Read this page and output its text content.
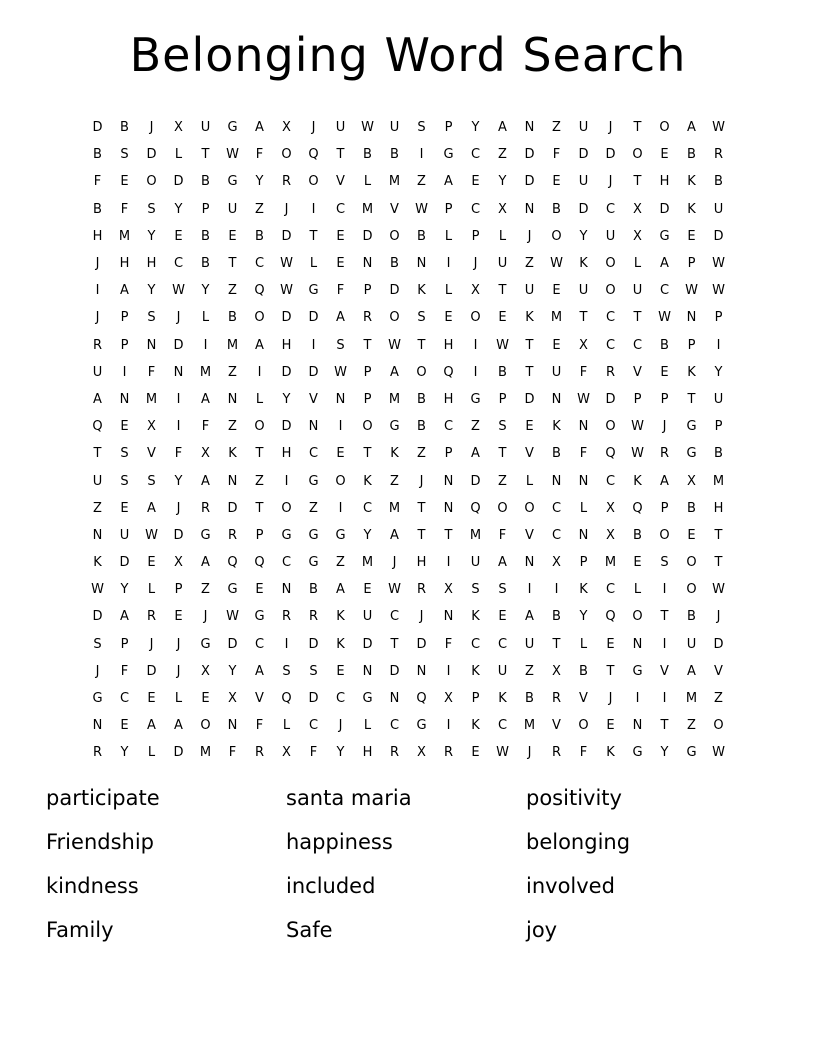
Belonging Word Search
D	B	J	X	U	G	A	X	J	U	W	U	S	P	Y	A	N	Z	U	J	T	O	A	W
B	S	D	L	T	W	F	O	Q	T	B	B	I	G	C	Z	D	F	D	D	O	E	B	R
F	E	O	D	B	G	Y	R	O	V	L	M	Z	A	E	Y	D	E	U	J	T	H	K	B
B	F	S	Y	P	U	Z	J	I	C	M	V	W	P	C	X	N	B	D	C	X	D	K	U
H	M	Y	E	B	E	B	D	T	E	D	O	B	L	P	L	J	O	Y	U	X	G	E	D
J	H	H	C	B	T	C	W	L	E	N	B	N	I	J	U	Z	W	K	O	L	A	P	W
I	A	Y	W	Y	Z	Q	W	G	F	P	D	K	L	X	T	U	E	U	O	U	C	W	W
J	P	S	J	L	B	O	D	D	A	R	O	S	E	O	E	K	M	T	C	T	W	N	P
R	P	N	D	I	M	A	H	I	S	T	W	T	H	I	W	T	E	X	C	C	B	P	I
U	I	F	N	M	Z	I	D	D	W	P	A	O	Q	I	B	T	U	F	R	V	E	K	Y
A	N	M	I	A	N	L	Y	V	N	P	M	B	H	G	P	D	N	W	D	P	P	T	U
Q	E	X	I	F	Z	O	D	N	I	O	G	B	C	Z	S	E	K	N	O	W	J	G	P
T	S	V	F	X	K	T	H	C	E	T	K	Z	P	A	T	V	B	F	Q	W	R	G	B
U	S	S	Y	A	N	Z	I	G	O	K	Z	J	N	D	Z	L	N	N	C	K	A	X	M
Z	E	A	J	R	D	T	O	Z	I	C	M	T	N	Q	O	O	C	L	X	Q	P	B	H
N	U	W	D	G	R	P	G	G	G	Y	A	T	T	M	F	V	C	N	X	B	O	E	T
K	D	E	X	A	Q	Q	C	G	Z	M	J	H	I	U	A	N	X	P	M	E	S	O	T
W	Y	L	P	Z	G	E	N	B	A	E	W	R	X	S	S	I	I	K	C	L	I	O	W
D	A	R	E	J	W	G	R	R	K	U	C	J	N	K	E	A	B	Y	Q	O	T	B	J
S	P	J	J	G	D	C	I	D	K	D	T	D	F	C	C	U	T	L	E	N	I	U	D
J	F	D	J	X	Y	A	S	S	E	N	D	N	I	K	U	Z	X	B	T	G	V	A	V
G	C	E	L	E	X	V	Q	D	C	G	N	Q	X	P	K	B	R	V	J	I	I	M	Z
N	E	A	A	O	N	F	L	C	J	L	C	G	I	K	C	M	V	O	E	N	T	Z	O
R	Y	L	D	M	F	R	X	F	Y	H	R	X	R	E	W	J	R	F	K	G	Y	G	W
participate	santa maria	positivity
Friendship	happiness	belonging
kindness	included	involved
Family	Safe	joy
